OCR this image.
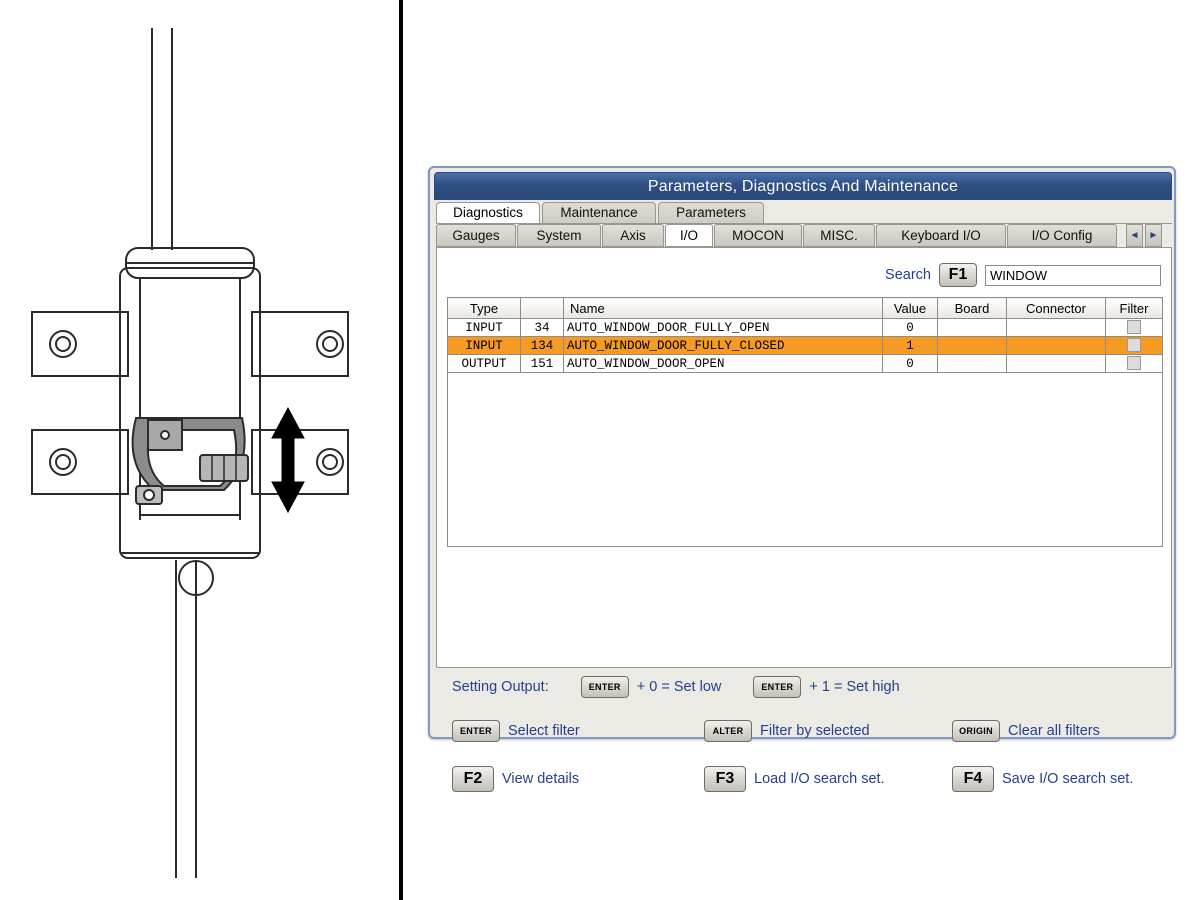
Parameters, Diagnostics And Maintenance
Diagnostics	Maintenance	Parameters
Gauges	System	Axis	I/O	MOCON	MISC.	Keyboard I/O	I/O Config	◄ ►
Search	F1
WINDOW
Type		Name	Value	Board	Connector	Filter
INPUT	34	AUTO_WINDOW_DOOR_FULLY_OPEN	0			
INPUT	134	AUTO_WINDOW_DOOR_FULLY_CLOSED	1			
OUTPUT	151	AUTO_WINDOW_DOOR_OPEN	0			
Setting Output:	ENTER	+ 0 = Set low	ENTER	+ 1 = Set high
ENTER	Select filter	ALTER	Filter by selected	ORIGIN	Clear all filters
F2	View details	F3	Load I/O search set.	F4	Save I/O search set.
